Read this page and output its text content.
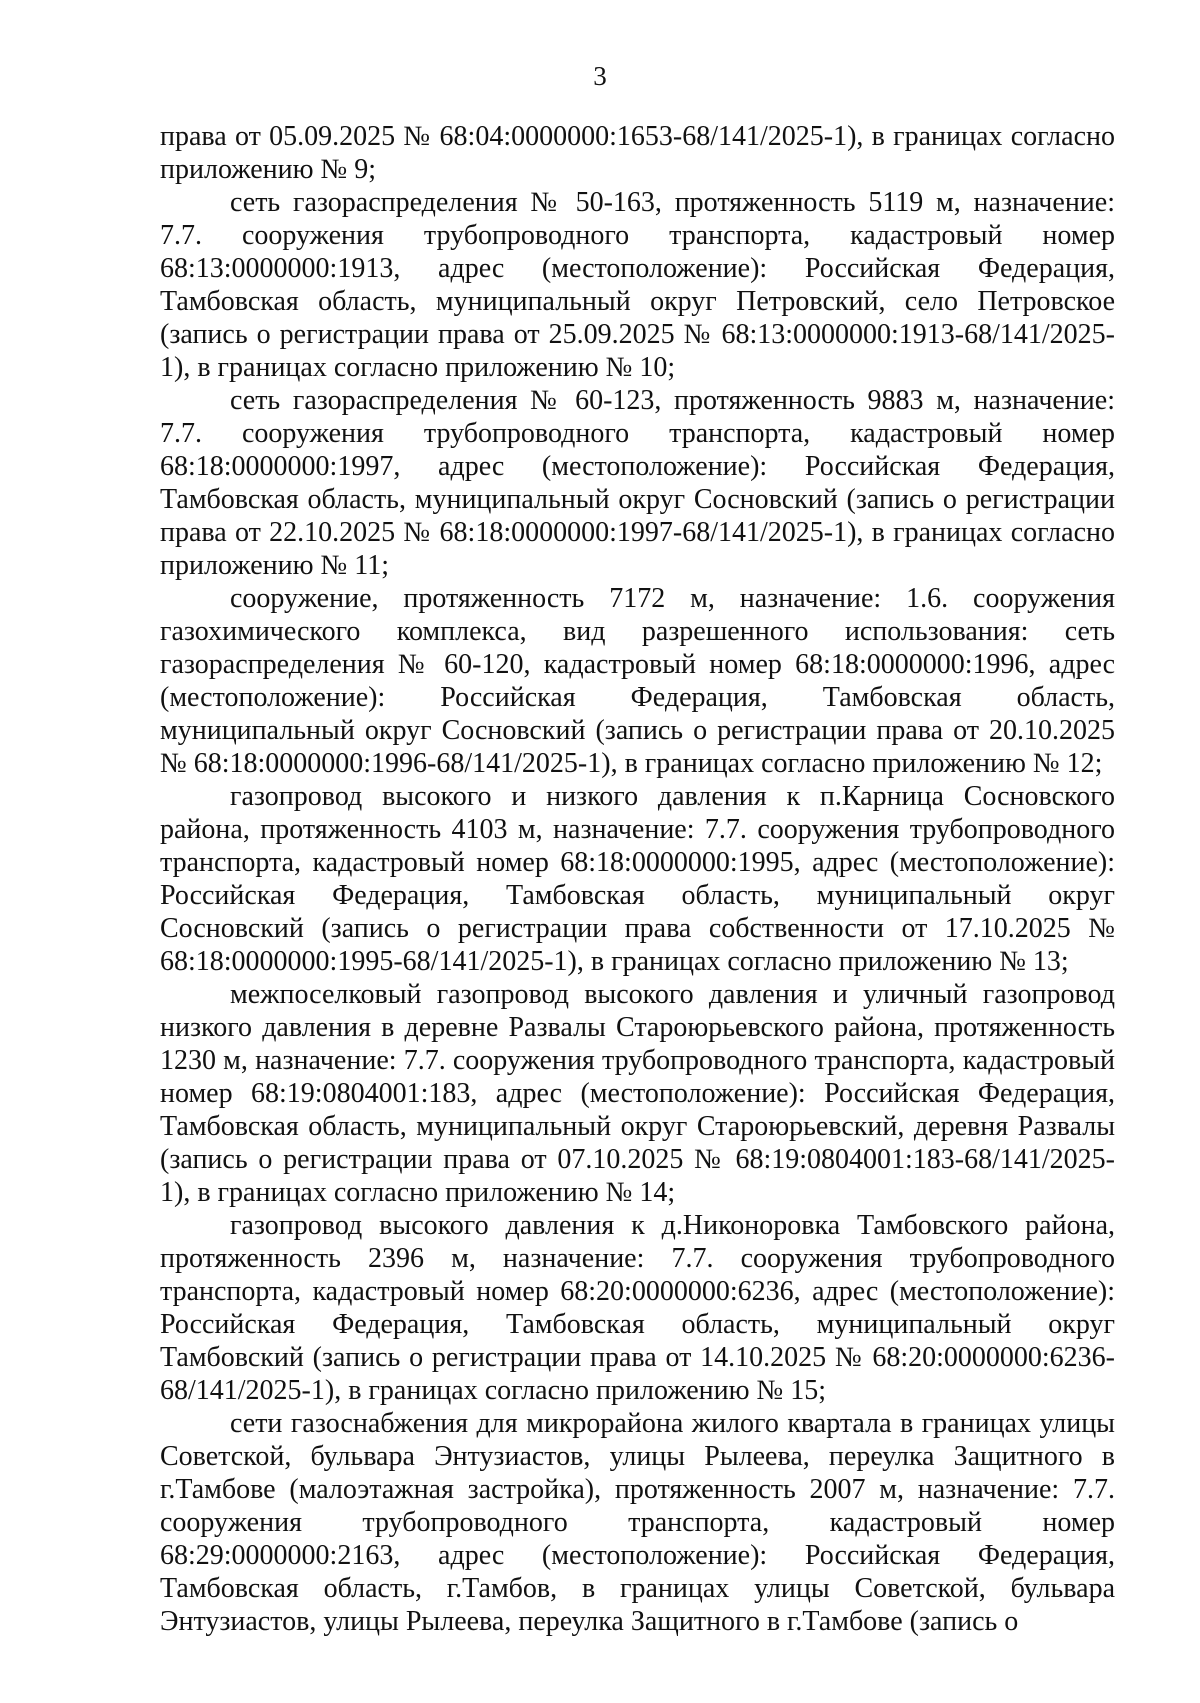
3

права от 05.09.2025 № 68:04:0000000:1653-68/141/2025-1), в границах согласно приложению № 9;

сеть газораспределения № 50-163, протяженность 5119 м, назначение: 7.7. сооружения трубопроводного транспорта, кадастровый номер 68:13:0000000:1913, адрес (местоположение): Российская Федерация, Тамбовская область, муниципальный округ Петровский, село Петровское (запись о регистрации права от 25.09.2025 № 68:13:0000000:1913-68/141/2025-1), в границах согласно приложению № 10;

сеть газораспределения № 60-123, протяженность 9883 м, назначение: 7.7. сооружения трубопроводного транспорта, кадастровый номер 68:18:0000000:1997, адрес (местоположение): Российская Федерация, Тамбовская область, муниципальный округ Сосновский (запись о регистрации права от 22.10.2025 № 68:18:0000000:1997-68/141/2025-1), в границах согласно приложению № 11;

сооружение, протяженность 7172 м, назначение: 1.6. сооружения газохимического комплекса, вид разрешенного использования: сеть газораспределения № 60-120, кадастровый номер 68:18:0000000:1996, адрес (местоположение): Российская Федерация, Тамбовская область, муниципальный округ Сосновский (запись о регистрации права от 20.10.2025 № 68:18:0000000:1996-68/141/2025-1), в границах согласно приложению № 12;

газопровод высокого и низкого давления к п.Карница Сосновского района, протяженность 4103 м, назначение: 7.7. сооружения трубопроводного транспорта, кадастровый номер 68:18:0000000:1995, адрес (местоположение): Российская Федерация, Тамбовская область, муниципальный округ Сосновский (запись о регистрации права собственности от 17.10.2025 № 68:18:0000000:1995-68/141/2025-1), в границах согласно приложению № 13;

межпоселковый газопровод высокого давления и уличный газопровод низкого давления в деревне Развалы Староюрьевского района, протяженность 1230 м, назначение: 7.7. сооружения трубопроводного транспорта, кадастровый номер 68:19:0804001:183, адрес (местоположение): Российская Федерация, Тамбовская область, муниципальный округ Староюрьевский, деревня Развалы (запись о регистрации права от 07.10.2025 № 68:19:0804001:183-68/141/2025-1), в границах согласно приложению № 14;

газопровод высокого давления к д.Никоноровка Тамбовского района, протяженность 2396 м, назначение: 7.7. сооружения трубопроводного транспорта, кадастровый номер 68:20:0000000:6236, адрес (местоположение): Российская Федерация, Тамбовская область, муниципальный округ Тамбовский (запись о регистрации права от 14.10.2025 № 68:20:0000000:6236-68/141/2025-1), в границах согласно приложению № 15;

сети газоснабжения для микрорайона жилого квартала в границах улицы Советской, бульвара Энтузиастов, улицы Рылеева, переулка Защитного в г.Тамбове (малоэтажная застройка), протяженность 2007 м, назначение: 7.7. сооружения трубопроводного транспорта, кадастровый номер 68:29:0000000:2163, адрес (местоположение): Российская Федерация, Тамбовская область, г.Тамбов, в границах улицы Советской, бульвара Энтузиастов, улицы Рылеева, переулка Защитного в г.Тамбове (запись о
